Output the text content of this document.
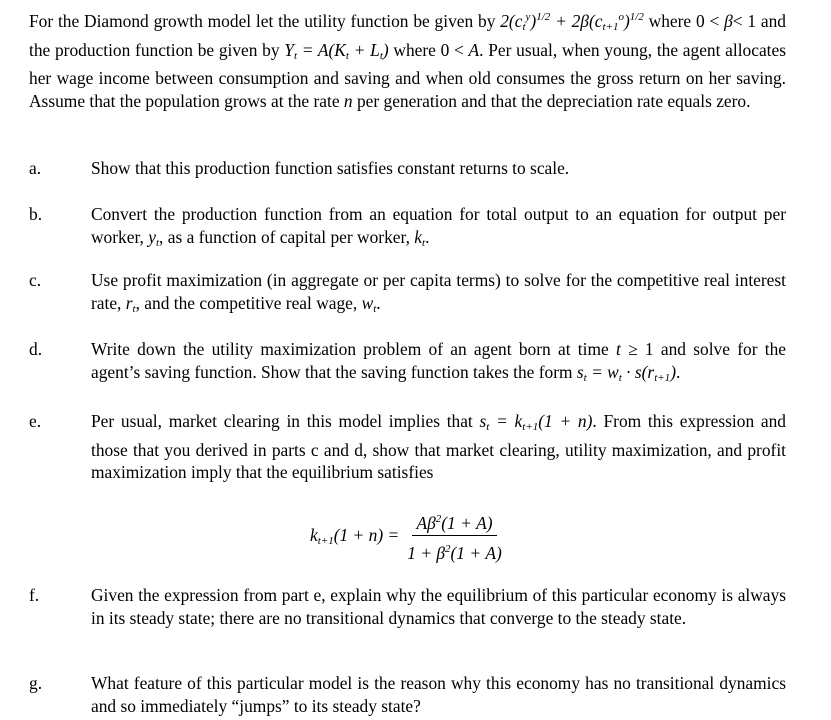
For the Diamond growth model let the utility function be given by $2(c_t^y)^{1/2} + 2\beta(c_{t+1}^o)^{1/2}$ where 0 < β< 1 and the production function be given by $Y_t = A(K_t + L_t)$ where 0 < A. Per usual, when young, the agent allocates her wage income between consumption and saving and when old consumes the gross return on her saving. Assume that the population grows at the rate n per generation and that the depreciation rate equals zero.

a.	Show that this production function satisfies constant returns to scale.

b.	Convert the production function from an equation for total output to an equation for output per worker, $y_t$, as a function of capital per worker, $k_t$.

c.	Use profit maximization (in aggregate or per capita terms) to solve for the competitive real interest rate, $r_t$, and the competitive real wage, $w_t$.

d.	Write down the utility maximization problem of an agent born at time t ≥ 1 and solve for the agent’s saving function. Show that the saving function takes the form $s_t = w_t \cdot s(r_{t+1})$.

e.	Per usual, market clearing in this model implies that $s_t = k_{t+1}(1 + n)$. From this expression and those that you derived in parts c and d, show that market clearing, utility maximization, and profit maximization imply that the equilibrium satisfies

$k_{t+1}(1 + n) = \frac{A\beta^2(1 + A)}{1 + \beta^2(1 + A)}$
f.	Given the expression from part e, explain why the equilibrium of this particular economy is always in its steady state; there are no transitional dynamics that converge to the steady state.

g.	What feature of this particular model is the reason why this economy has no transitional dynamics and so immediately “jumps” to its steady state?
